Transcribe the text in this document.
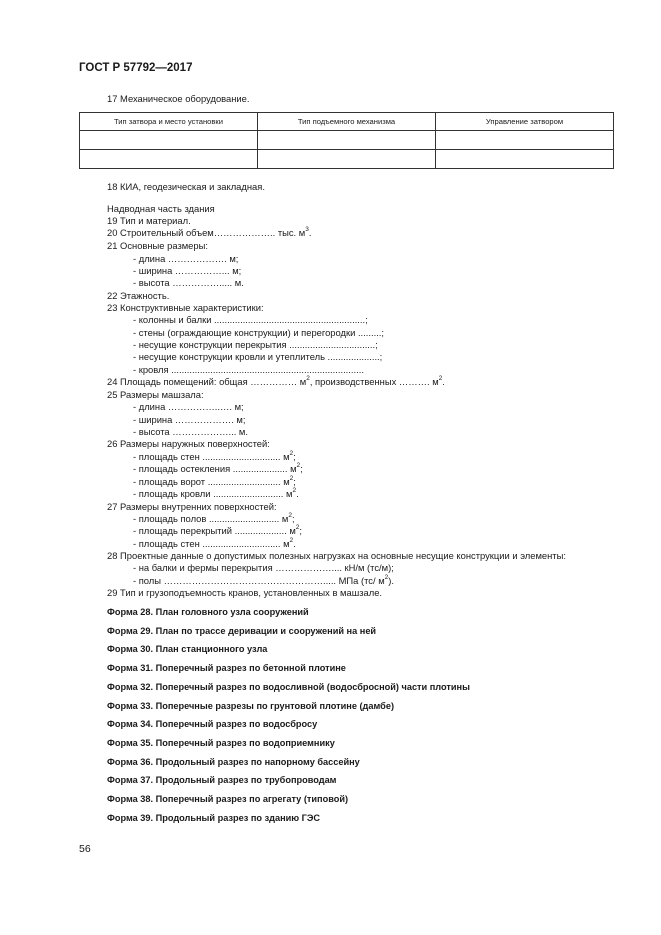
ГОСТ Р 57792—2017
17 Механическое оборудование.
Тип затвора и место установки	Тип подъемного механизма	Управление затвором

18 КИА, геодезическая и закладная.
Надводная часть здания
19 Тип и материал.
20 Строительный объем……………….. тыс. $м^3$.
21 Основные размеры:
- длина ………………. м;
- ширина ……………... м;
- высота ……………..... м.
22 Этажность.
23 Конструктивные характеристики:
- колонны и балки ..........................................................;
- стены (ограждающие конструкции) и перегородки .........;
- несущие конструкции перекрытия .................................;
- несущие конструкции кровли и утеплитель ....................;
- кровля ..........................................................................
24 Площадь помещений: общая …………… $м^2$, производственных ………. $м^2$.
25 Размеры машзала:
- длина ……………..…. м;
- ширина ………………. м;
- высота ………………... м.
26 Размеры наружных поверхностей:
- площадь стен .............................. $м^2$;
- площадь остекления ..................... $м^2$;
- площадь ворот ............................ $м^2$;
- площадь кровли ........................... $м^2$.
27 Размеры внутренних поверхностей:
- площадь полов ........................... $м^2$;
- площадь перекрытий .................... $м^2$;
- площадь стен .............................. $м^2$.
28 Проектные данные о допустимых полезных нагрузках на основные несущие конструкции и элементы:
- на балки и фермы перекрытия ……………….... кН/м (тс/м);
- полы ……………………………………………..... МПа (тс/ $м^2$).
29 Тип и грузоподъемность кранов, установленных в машзале.
Форма 28. План головного узла сооружений
Форма 29. План по трассе деривации и сооружений на ней
Форма 30. План станционного узла
Форма 31. Поперечный разрез по бетонной плотине
Форма 32. Поперечный разрез по водосливной (водосбросной) части плотины
Форма 33. Поперечные разрезы по грунтовой плотине (дамбе)
Форма 34. Поперечный разрез по водосбросу
Форма 35. Поперечный разрез по водоприемнику
Форма 36. Продольный разрез по напорному бассейну
Форма 37. Продольный разрез по трубопроводам
Форма 38. Поперечный разрез по агрегату (типовой)
Форма 39. Продольный разрез по зданию ГЭС
56
